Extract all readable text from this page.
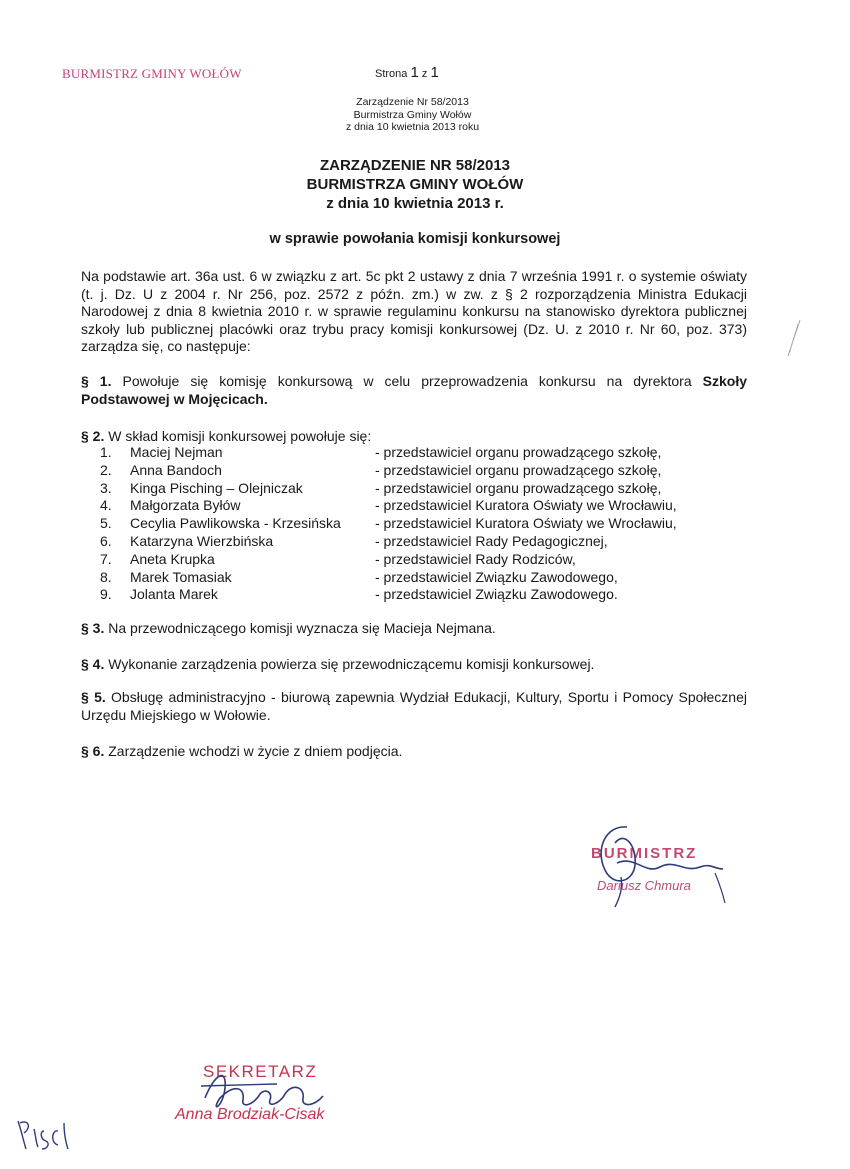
BURMISTRZ GMINY WOŁÓW	Strona 1 z 1
Zarządzenie Nr 58/2013
Burmistrza Gminy Wołów
z dnia 10 kwietnia 2013 roku
ZARZĄDZENIE NR 58/2013
BURMISTRZA GMINY WOŁÓW
z dnia 10 kwietnia 2013 r.
w sprawie powołania komisji konkursowej
Na podstawie art. 36a ust. 6 w związku z art. 5c pkt 2 ustawy z dnia 7 września 1991 r. o systemie oświaty (t. j. Dz. U z 2004 r. Nr 256, poz. 2572 z późn. zm.) w zw. z § 2 rozporządzenia Ministra Edukacji Narodowej z dnia 8 kwietnia 2010 r. w sprawie regulaminu konkursu na stanowisko dyrektora publicznej szkoły lub publicznej placówki oraz trybu pracy komisji konkursowej (Dz. U. z 2010 r. Nr 60, poz. 373) zarządza się, co następuje:
§ 1. Powołuje się komisję konkursową w celu przeprowadzenia konkursu na dyrektora Szkoły Podstawowej w Mojęcicach.
§ 2. W skład komisji konkursowej powołuje się:
1.	Maciej Nejman	- przedstawiciel organu prowadzącego szkołę,
2.	Anna Bandoch	- przedstawiciel organu prowadzącego szkołę,
3.	Kinga Pisching – Olejniczak	- przedstawiciel organu prowadzącego szkołę,
4.	Małgorzata Byłów	- przedstawiciel Kuratora Oświaty we Wrocławiu,
5.	Cecylia Pawlikowska - Krzesińska	- przedstawiciel Kuratora Oświaty we Wrocławiu,
6.	Katarzyna Wierzbińska	- przedstawiciel Rady Pedagogicznej,
7.	Aneta Krupka	- przedstawiciel Rady Rodziców,
8.	Marek Tomasiak	- przedstawiciel Związku Zawodowego,
9.	Jolanta Marek	- przedstawiciel Związku Zawodowego.
§ 3. Na przewodniczącego komisji wyznacza się Macieja Nejmana.
§ 4. Wykonanie zarządzenia powierza się przewodniczącemu komisji konkursowej.
§ 5. Obsługę administracyjno - biurową zapewnia Wydział Edukacji, Kultury, Sportu i Pomocy Społecznej Urzędu Miejskiego w Wołowie.
§ 6. Zarządzenie wchodzi w życie z dniem podjęcia.
BURMISTRZ
Dariusz Chmura
SEKRETARZ
Anna Brodziak-Cisak
